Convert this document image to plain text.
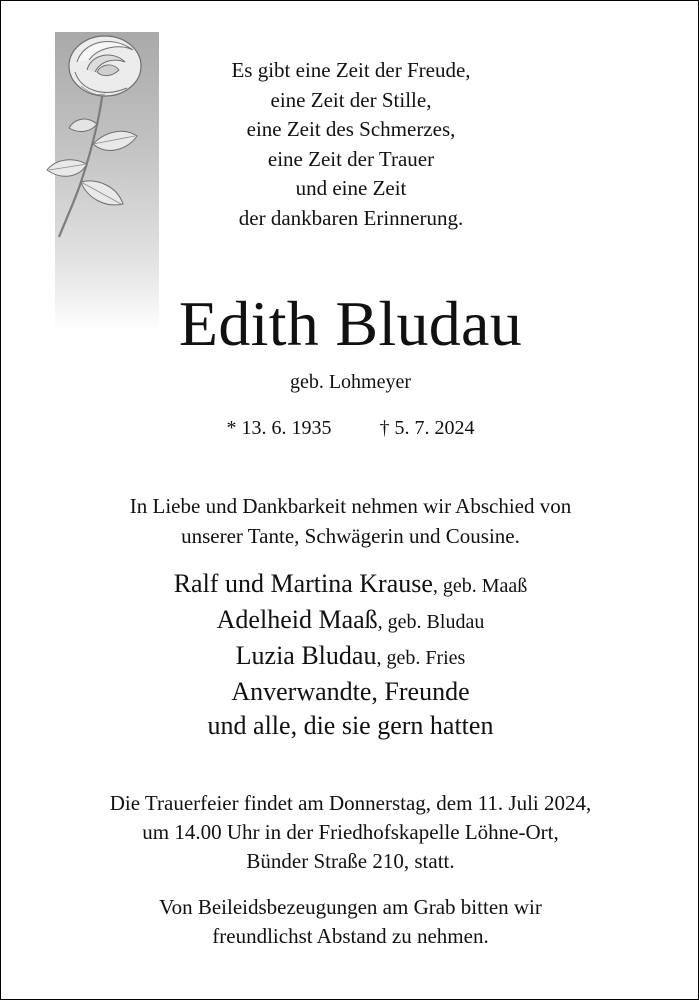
Es gibt eine Zeit der Freude,
eine Zeit der Stille,
eine Zeit des Schmerzes,
eine Zeit der Trauer
und eine Zeit
der dankbaren Erinnerung.
Edith Bludau
geb. Lohmeyer
* 13. 6. 1935 † 5. 7. 2024
In Liebe und Dankbarkeit nehmen wir Abschied von
unserer Tante, Schwägerin und Cousine.
Ralf und Martina Krause, geb. Maaß
Adelheid Maaß, geb. Bludau
Luzia Bludau, geb. Fries
Anverwandte, Freunde
und alle, die sie gern hatten
Die Trauerfeier findet am Donnerstag, dem 11. Juli 2024,
um 14.00 Uhr in der Friedhofskapelle Löhne-Ort,
Bünder Straße 210, statt.
Von Beileidsbezeugungen am Grab bitten wir
freundlichst Abstand zu nehmen.
